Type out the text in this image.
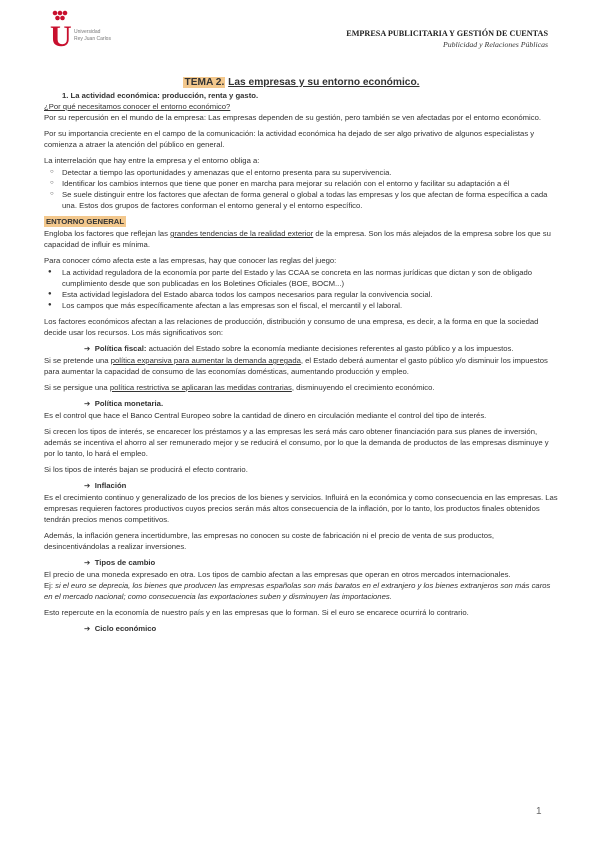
U Universidad
Rey Juan Carlos
EMPRESA PUBLICITARIA Y GESTIÓN DE CUENTAS
Publicidad y Relaciones Públicas
TEMA 2. Las empresas y su entorno económico.
1. La actividad económica: producción, renta y gasto.

¿Por qué necesitamos conocer el entorno económico?

Por su repercusión en el mundo de la empresa: Las empresas dependen de su gestión, pero también se ven afectadas por el entorno económico.

Por su importancia creciente en el campo de la comunicación: la actividad económica ha dejado de ser algo privativo de algunos especialistas y comienza a atraer la atención del público en general.

La interrelación que hay entre la empresa y el entorno obliga a:

○ Detectar a tiempo las oportunidades y amenazas que el entorno presenta para su supervivencia.
○ Identificar los cambios internos que tiene que poner en marcha para mejorar su relación con el entorno y facilitar su adaptación a él
○ Se suele distinguir entre los factores que afectan de forma general o global a todas las empresas y los que afectan de forma específica a cada una. Estos dos grupos de factores conforman el entorno general y el entorno específico.
ENTORNO GENERAL

Engloba los factores que reflejan las grandes tendencias de la realidad exterior de la empresa. Son los más alejados de la empresa sobre los que su capacidad de influir es mínima.

Para conocer cómo afecta este a las empresas, hay que conocer las reglas del juego:

● La actividad reguladora de la economía por parte del Estado y las CCAA se concreta en las normas jurídicas que dictan y son de obligado cumplimiento desde que son publicadas en los Boletines Oficiales (BOE, BOCM...)
● Esta actividad legisladora del Estado abarca todos los campos necesarios para regular la convivencia social.
● Los campos que más específicamente afectan a las empresas son el fiscal, el mercantil y el laboral.

Los factores económicos afectan a las relaciones de producción, distribución y consumo de una empresa, es decir, a la forma en que la sociedad decide usar los recursos. Los más significativos son:

➔ Política fiscal: actuación del Estado sobre la economía mediante decisiones referentes al gasto público y a los impuestos.

Si se pretende una política expansiva para aumentar la demanda agregada, el Estado deberá aumentar el gasto público y/o disminuir los impuestos para aumentar la capacidad de consumo de las economías domésticas, aumentando producción y empleo.

Si se persigue una política restrictiva se aplicaran las medidas contrarias, disminuyendo el crecimiento económico.

➔ Política monetaria.

Es el control que hace el Banco Central Europeo sobre la cantidad de dinero en circulación mediante el control del tipo de interés.

Si crecen los tipos de interés, se encarecer los préstamos y a las empresas les será más caro obtener financiación para sus planes de inversión, además se incentiva el ahorro al ser remunerado mejor y se reducirá el consumo, por lo que la demanda de productos de las empresas disminuye y por lo tanto, lo hará el empleo.

Si los tipos de interés bajan se producirá el efecto contrario.

➔ Inflación

Es el crecimiento continuo y generalizado de los precios de los bienes y servicios. Influirá en la económica y como consecuencia en las empresas. Las empresas requieren factores productivos cuyos precios serán más altos consecuencia de la inflación, por lo tanto, los productos finales obtenidos tendrán precios menos competitivos.

Además, la inflación genera incertidumbre, las empresas no conocen su coste de fabricación ni el precio de venta de sus productos, desincentivándolas a realizar inversiones.

➔ Tipos de cambio

El precio de una moneda expresado en otra. Los tipos de cambio afectan a las empresas que operan en otros mercados internacionales.

Ej: si el euro se deprecia, los bienes que producen las empresas españolas son más baratos en el extranjero y los bienes extranjeros son más caros en el mercado nacional; como consecuencia las exportaciones suben y disminuyen las importaciones.

Esto repercute en la economía de nuestro país y en las empresas que lo forman. Si el euro se encarece ocurrirá lo contrario.

➔ Ciclo económico
1
